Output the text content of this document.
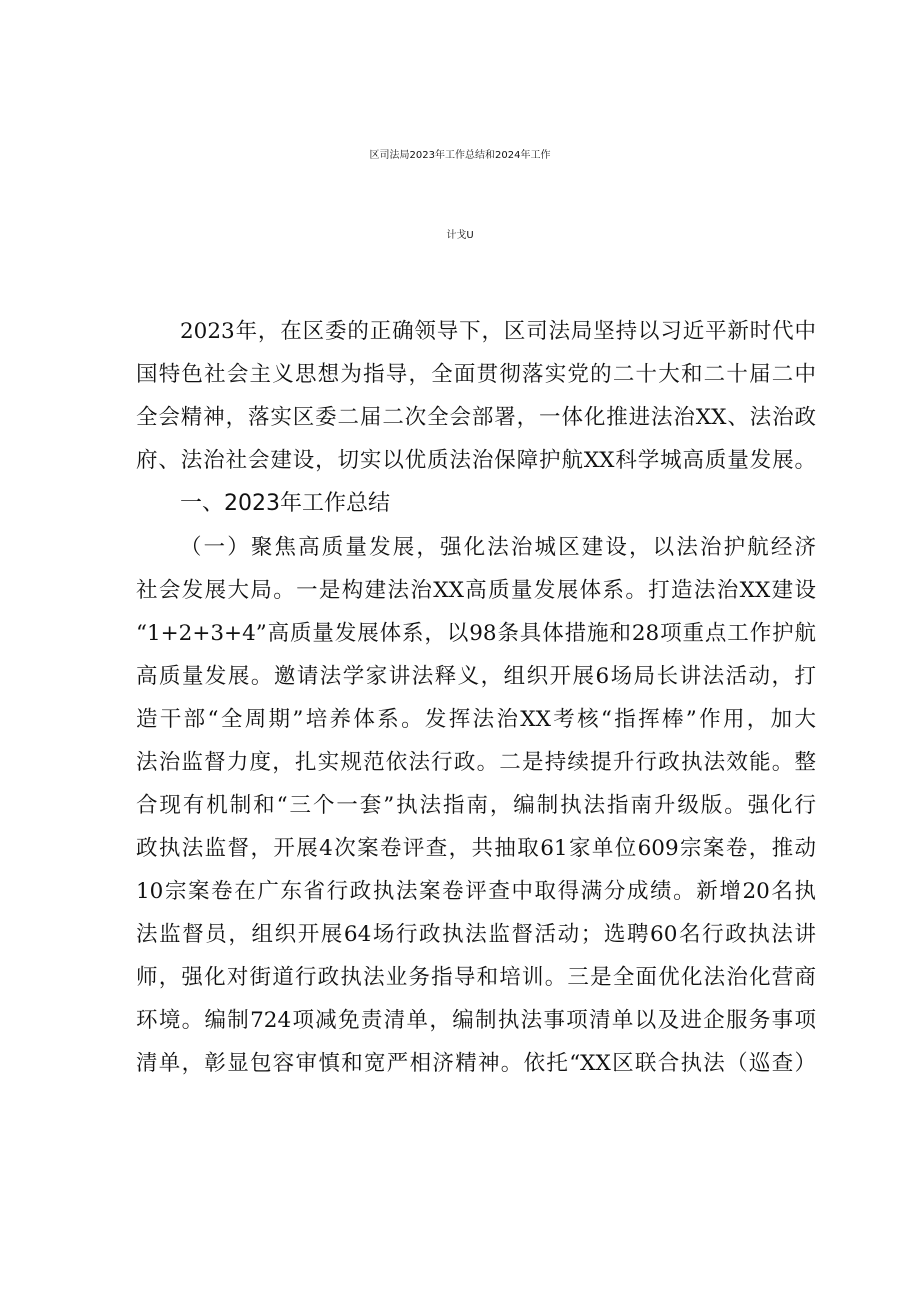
区司法局2023年工作总结和2024年工作
计戈U
2023年，在区委的正确领导下，区司法局坚持以习近平新时代中
国特色社会主义思想为指导，全面贯彻落实党的二十大和二十届二中
全会精神，落实区委二届二次全会部署，一体化推进法治XX、法治政
府、法治社会建设，切实以优质法治保障护航XX科学城高质量发展。
一、2023年工作总结
（一）聚焦高质量发展，强化法治城区建设，以法治护航经济
社会发展大局。一是构建法治XX高质量发展体系。打造法治XX建设
“1+2+3+4”高质量发展体系，以98条具体措施和28项重点工作护航
高质量发展。邀请法学家讲法释义，组织开展6场局长讲法活动，打
造干部“全周期”培养体系。发挥法治XX考核“指挥棒”作用，加大
法治监督力度，扎实规范依法行政。二是持续提升行政执法效能。整
合现有机制和“三个一套”执法指南，编制执法指南升级版。强化行
政执法监督，开展4次案卷评查，共抽取61家单位609宗案卷，推动
10宗案卷在广东省行政执法案卷评查中取得满分成绩。新增20名执
法监督员，组织开展64场行政执法监督活动；选聘60名行政执法讲
师，强化对街道行政执法业务指导和培训。三是全面优化法治化营商
环境。编制724项减免责清单，编制执法事项清单以及进企服务事项
清单，彰显包容审慎和宽严相济精神。依托“XX区联合执法（巡查）
